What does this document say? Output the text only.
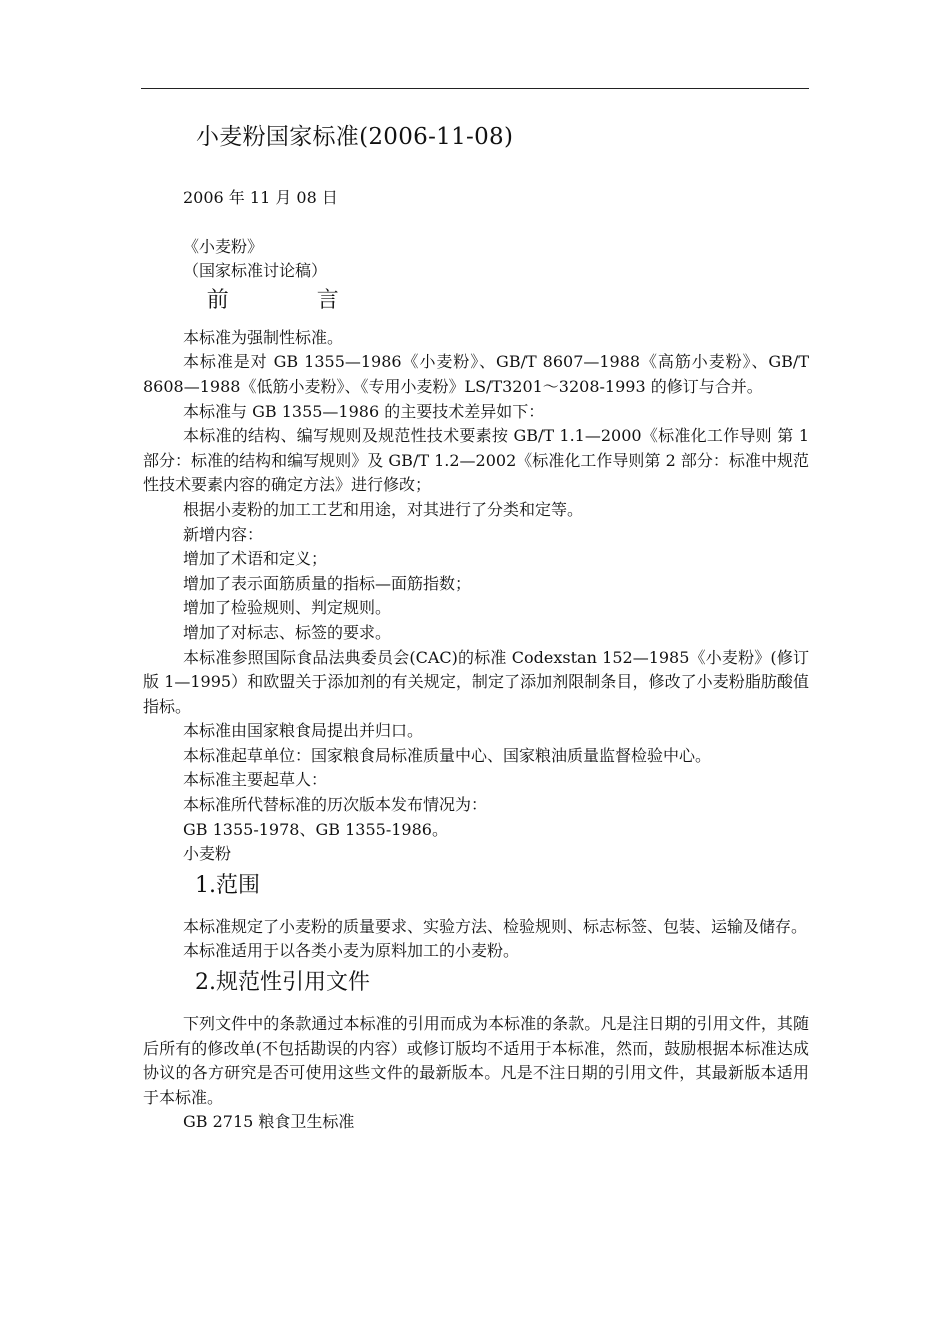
小麦粉国家标准(2006-11-08)

2006 年 11 月 08 日

《小麦粉》

（国家标准讨论稿）

前　　　　言

本标准为强制性标准。

本标准是对 GB 1355—1986《小麦粉》、GB/T 8607—1988《高筋小麦粉》、GB/T 8608—1988《低筋小麦粉》、《专用小麦粉》LS/T3201～3208-1993 的修订与合并。

本标准与 GB 1355—1986 的主要技术差异如下：

本标准的结构、编写规则及规范性技术要素按 GB/T 1.1—2000《标准化工作导则 第 1 部分：标准的结构和编写规则》及 GB/T 1.2—2002《标准化工作导则第 2 部分：标准中规范性技术要素内容的确定方法》进行修改；

根据小麦粉的加工工艺和用途，对其进行了分类和定等。

新增内容：

增加了术语和定义；

增加了表示面筋质量的指标—面筋指数；

增加了检验规则、判定规则。

增加了对标志、标签的要求。

本标准参照国际食品法典委员会(CAC)的标准 Codexstan 152—1985《小麦粉》(修订版 1—1995）和欧盟关于添加剂的有关规定，制定了添加剂限制条目，修改了小麦粉脂肪酸值指标。

本标准由国家粮食局提出并归口。

本标准起草单位：国家粮食局标准质量中心、国家粮油质量监督检验中心。

本标准主要起草人：

本标准所代替标准的历次版本发布情况为：

GB 1355-1978、GB 1355-1986。

小麦粉

1.范围

本标准规定了小麦粉的质量要求、实验方法、检验规则、标志标签、包装、运输及储存。

本标准适用于以各类小麦为原料加工的小麦粉。

2.规范性引用文件

下列文件中的条款通过本标准的引用而成为本标准的条款。凡是注日期的引用文件，其随后所有的修改单(不包括勘误的内容）或修订版均不适用于本标准，然而，鼓励根据本标准达成协议的各方研究是否可使用这些文件的最新版本。凡是不注日期的引用文件，其最新版本适用于本标准。

GB 2715 粮食卫生标准
